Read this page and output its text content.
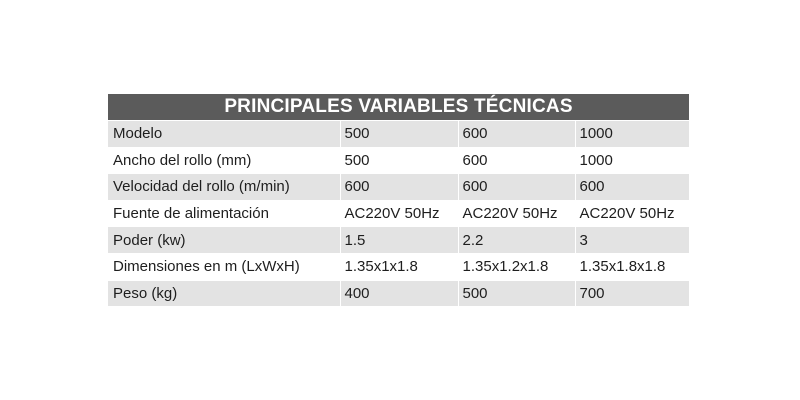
PRINCIPALES VARIABLES TÉCNICAS			
Modelo	500	600	1000
Ancho del rollo (mm)	500	600	1000
Velocidad del rollo (m/min)	600	600	600
Fuente de alimentación	AC220V 50Hz	AC220V 50Hz	AC220V 50Hz
Poder (kw)	1.5	2.2	3
Dimensiones en m (LxWxH)	1.35x1x1.8	1.35x1.2x1.8	1.35x1.8x1.8
Peso (kg)	400	500	700
